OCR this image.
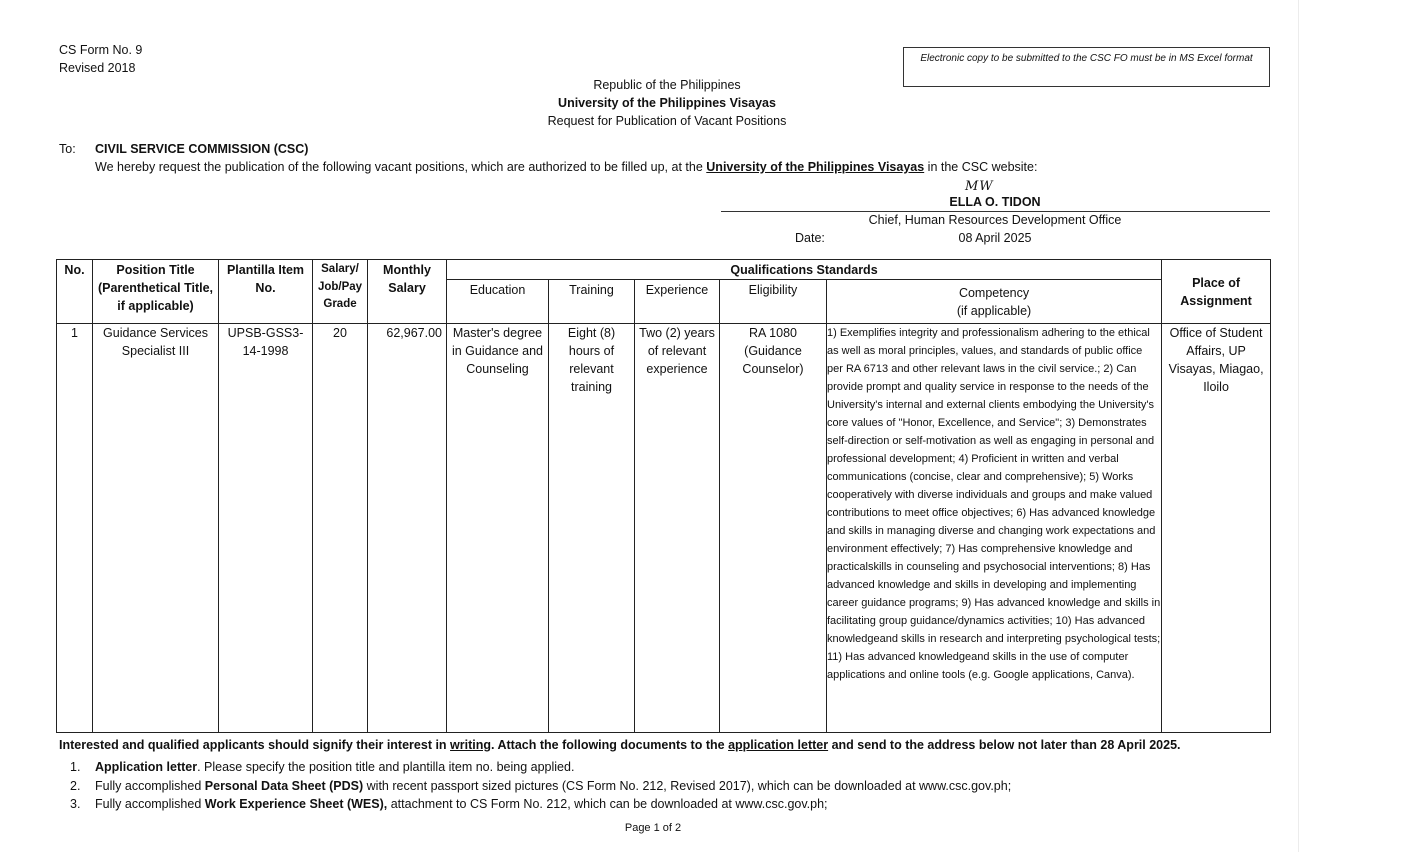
CS Form No. 9
Revised 2018
Electronic copy to be submitted to the CSC FO must be in MS Excel format
Republic of the Philippines
University of the Philippines Visayas
Request for Publication of Vacant Positions
To: CIVIL SERVICE COMMISSION (CSC)
We hereby request the publication of the following vacant positions, which are authorized to be filled up, at the University of the Philippines Visayas in the CSC website:
MW
ELLA O. TIDON
Chief, Human Resources Development Office
Date:	08 April 2025
No.	Position Title (Parenthetical Title, if applicable)	Plantilla Item No.	Salary/ Job/Pay Grade	Monthly Salary	Qualifications Standards					Place of Assignment
					Education	Training	Experience	Eligibility	Competency
(if applicable)	

1	Guidance Services Specialist III	UPSB-GSS3-14-1998	20	62,967.00	Master's degree in Guidance and Counseling	Eight (8) hours of relevant training	Two (2) years of relevant experience	RA 1080 (Guidance Counselor)	1) Exemplifies integrity and professionalism adhering to the ethical as well as moral principles, values, and standards of public office per RA 6713 and other relevant laws in the civil service.; 2) Can provide prompt and quality service in response to the needs of the University's internal and external clients embodying the University's core values of "Honor, Excellence, and Service"; 3) Demonstrates self-direction or self-motivation as well as engaging in personal and professional development; 4) Proficient in written and verbal communications (concise, clear and comprehensive); 5) Works cooperatively with diverse individuals and groups and make valued contributions to meet office objectives; 6) Has advanced knowledge and skills in managing diverse and changing work expectations and environment effectively; 7) Has comprehensive knowledge and practicalskills in counseling and psychosocial interventions; 8) Has advanced knowledge and skills in developing and implementing career guidance programs; 9) Has advanced knowledge and skills in facilitating group guidance/dynamics activities; 10) Has advanced knowledgeand skills in research and interpreting psychological tests; 11) Has advanced knowledgeand skills in the use of computer applications and online tools (e.g. Google applications, Canva).	Office of Student Affairs, UP Visayas, Miagao, Iloilo
Interested and qualified applicants should signify their interest in writing. Attach the following documents to the application letter and send to the address below not later than 28 April 2025.
1. Application letter. Please specify the position title and plantilla item no. being applied.
2. Fully accomplished Personal Data Sheet (PDS) with recent passport sized pictures (CS Form No. 212, Revised 2017), which can be downloaded at www.csc.gov.ph;
3. Fully accomplished Work Experience Sheet (WES), attachment to CS Form No. 212, which can be downloaded at www.csc.gov.ph;
Page 1 of 2
